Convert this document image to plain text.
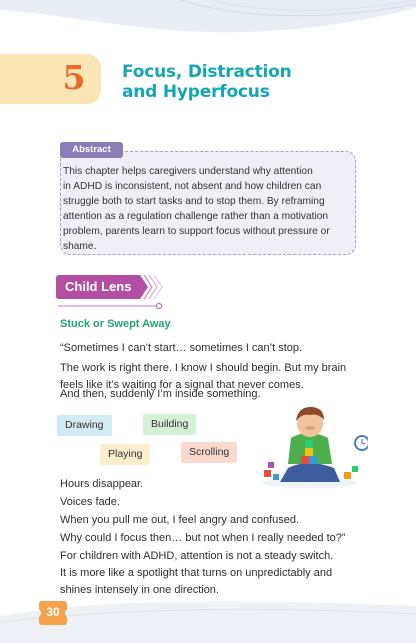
5	Focus, Distraction
and Hyperfocus
Abstract
This chapter helps caregivers understand why attention
in ADHD is inconsistent, not absent and how children can
struggle both to start tasks and to stop them. By reframing
attention as a regulation challenge rather than a motivation
problem, parents learn to support focus without pressure or
shame.
Child Lens
Stuck or Swept Away
“Sometimes I can’t start… sometimes I can’t stop.
The work is right there. I know I should begin. But my brain
feels like it’s waiting for a signal that never comes.
And then, suddenly I’m inside something.
Drawing	Building
Playing	Scrolling
Hours disappear.
Voices fade.
When you pull me out, I feel angry and confused.
Why could I focus then… but not when I really needed to?”
For children with ADHD, attention is not a steady switch.
It is more like a spotlight that turns on unpredictably and
shines intensely in one direction.
30
